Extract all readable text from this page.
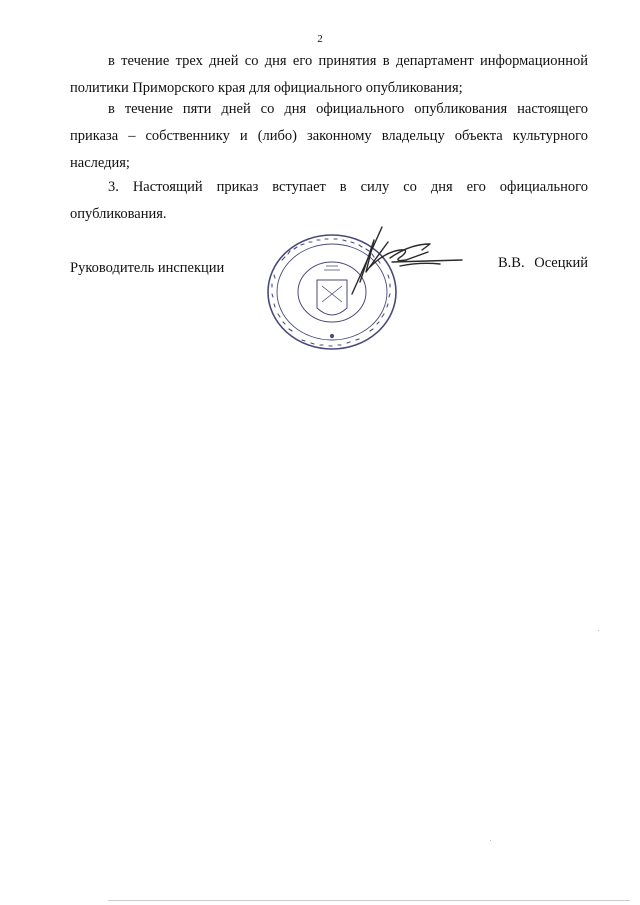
2

в течение трех дней со дня его принятия в департамент информационной политики Приморского края для официального опубликования;

в течение пяти дней со дня официального опубликования настоящего приказа – собственнику и (либо) законному владельцу объекта культурного наследия;

3. Настоящий приказ вступает в силу со дня его официального опубликования.

Руководитель инспекции	В.В. Осецкий
